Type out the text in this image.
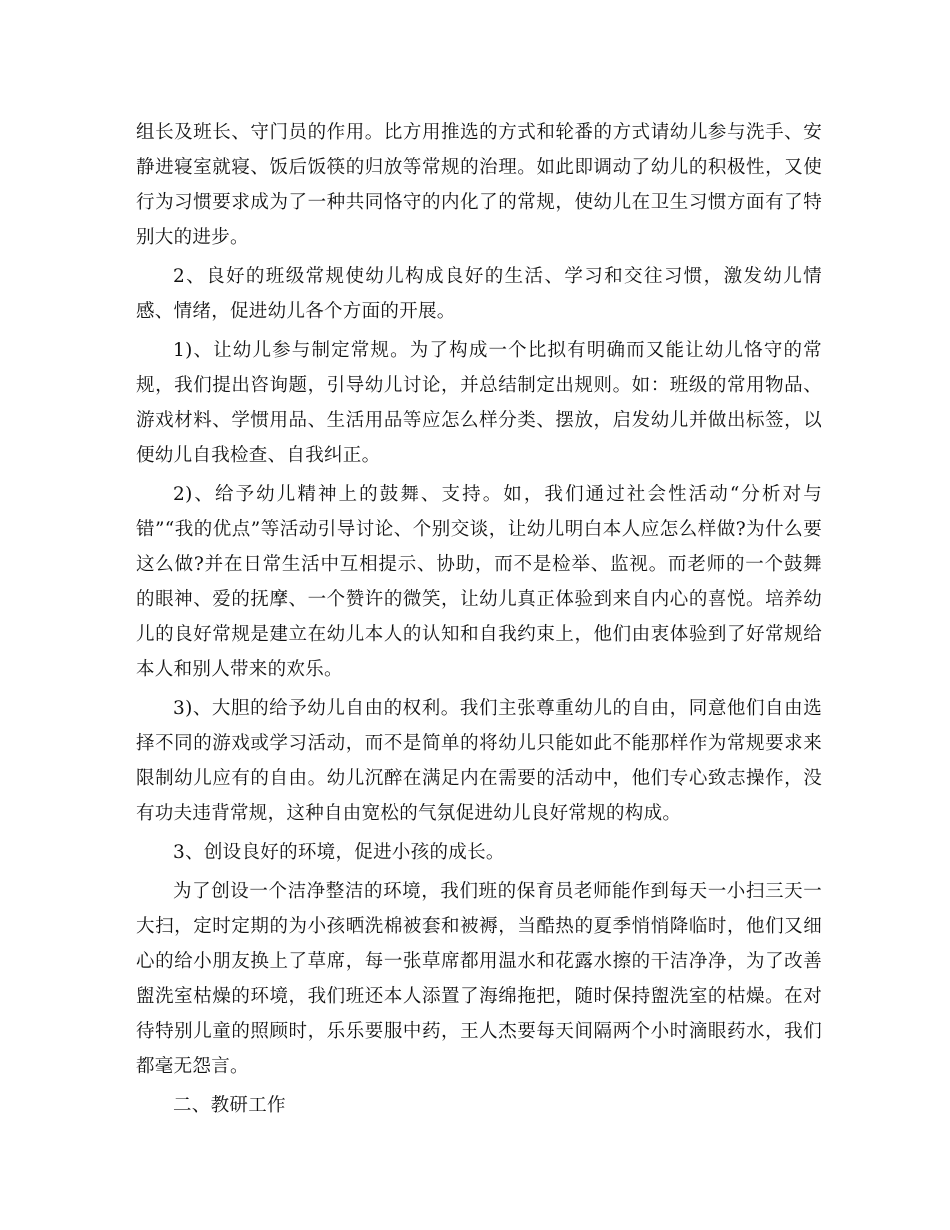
组长及班长、守门员的作用。比方用推选的方式和轮番的方式请幼儿参与洗手、安静进寝室就寝、饭后饭筷的归放等常规的治理。如此即调动了幼儿的积极性，又使行为习惯要求成为了一种共同恪守的内化了的常规，使幼儿在卫生习惯方面有了特别大的进步。

2、良好的班级常规使幼儿构成良好的生活、学习和交往习惯，激发幼儿情感、情绪，促进幼儿各个方面的开展。

1)、让幼儿参与制定常规。为了构成一个比拟有明确而又能让幼儿恪守的常规，我们提出咨询题，引导幼儿讨论，并总结制定出规则。如：班级的常用物品、游戏材料、学惯用品、生活用品等应怎么样分类、摆放，启发幼儿并做出标签，以便幼儿自我检查、自我纠正。

2)、给予幼儿精神上的鼓舞、支持。如，我们通过社会性活动“分析对与错”“我的优点”等活动引导讨论、个别交谈，让幼儿明白本人应怎么样做?为什么要这么做?并在日常生活中互相提示、协助，而不是检举、监视。而老师的一个鼓舞的眼神、爱的抚摩、一个赞许的微笑，让幼儿真正体验到来自内心的喜悦。培养幼儿的良好常规是建立在幼儿本人的认知和自我约束上，他们由衷体验到了好常规给本人和别人带来的欢乐。

3)、大胆的给予幼儿自由的权利。我们主张尊重幼儿的自由，同意他们自由选择不同的游戏或学习活动，而不是简单的将幼儿只能如此不能那样作为常规要求来限制幼儿应有的自由。幼儿沉醉在满足内在需要的活动中，他们专心致志操作，没有功夫违背常规，这种自由宽松的气氛促进幼儿良好常规的构成。

3、创设良好的环境，促进小孩的成长。

为了创设一个洁净整洁的环境，我们班的保育员老师能作到每天一小扫三天一大扫，定时定期的为小孩晒洗棉被套和被褥，当酷热的夏季悄悄降临时，他们又细心的给小朋友换上了草席，每一张草席都用温水和花露水擦的干洁净净，为了改善盥洗室枯燥的环境，我们班还本人添置了海绵拖把，随时保持盥洗室的枯燥。在对待特别儿童的照顾时，乐乐要服中药，王人杰要每天间隔两个小时滴眼药水，我们都毫无怨言。

二、教研工作
